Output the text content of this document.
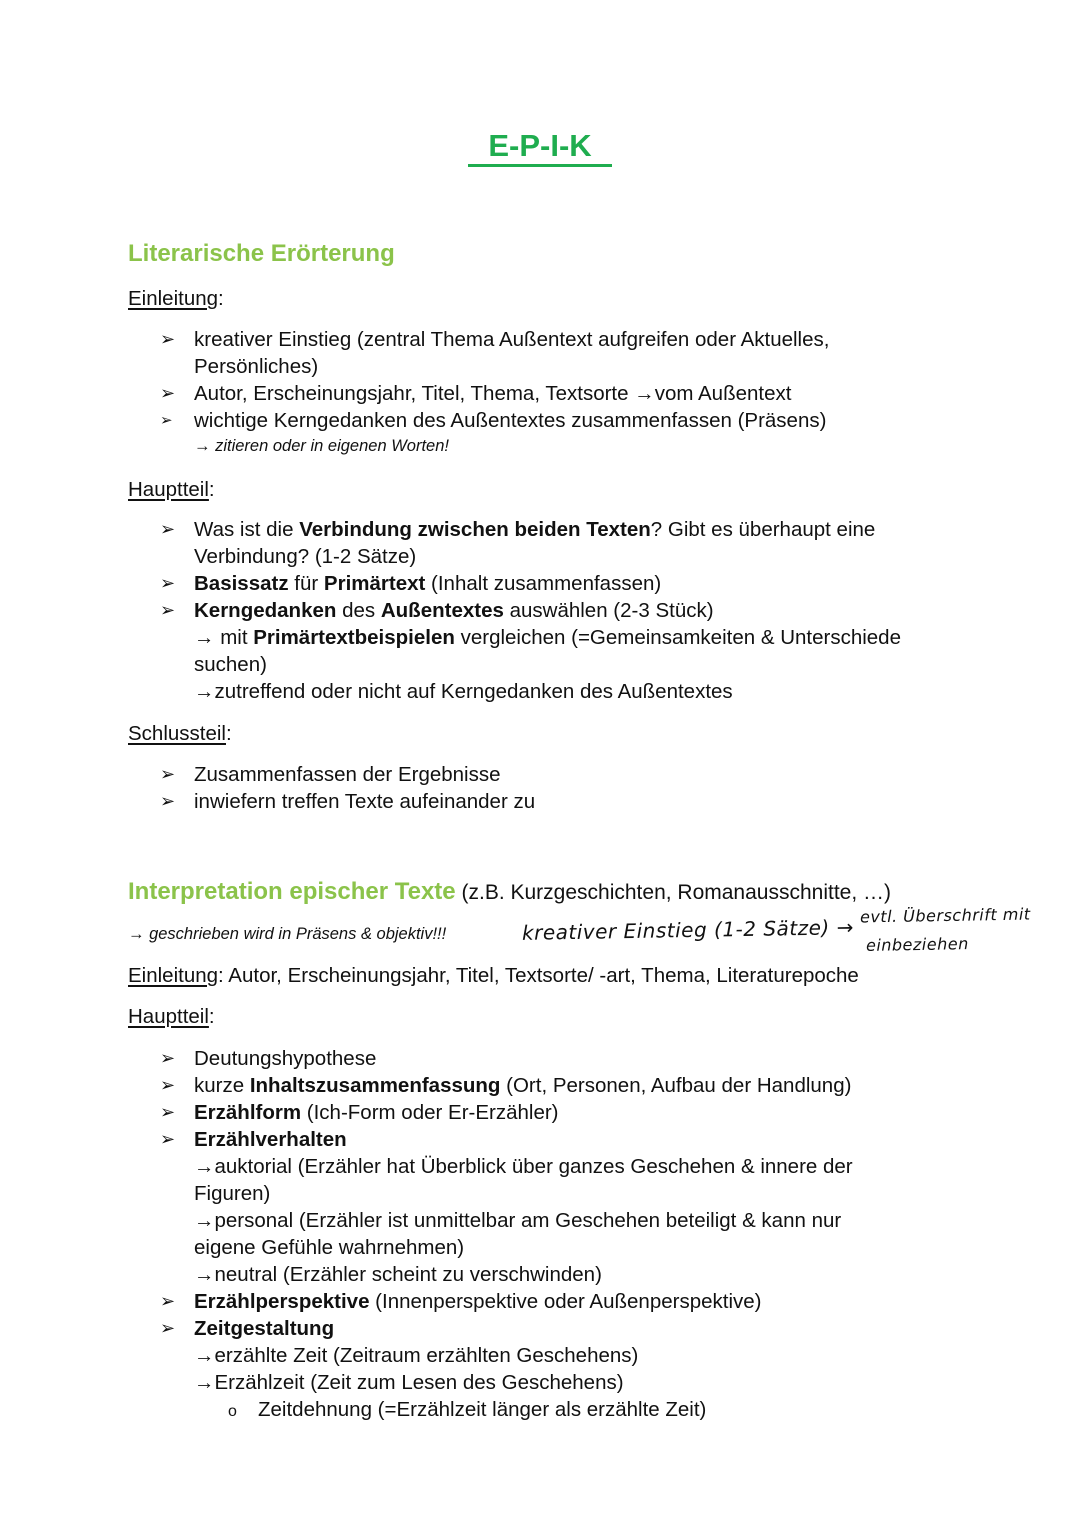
E-P-I-K
Literarische Erörterung
Einleitung:
➢ kreativer Einstieg (zentral Thema Außentext aufgreifen oder Aktuelles,
Persönliches)
➢ Autor, Erscheinungsjahr, Titel, Thema, Textsorte →vom Außentext
➢	wichtige Kerngedanken des Außentextes zusammenfassen (Präsens)
→ zitieren oder in eigenen Worten!
Hauptteil:
➢ Was ist die Verbindung zwischen beiden Texten? Gibt es überhaupt eine
Verbindung? (1-2 Sätze)
➢ Basissatz für Primärtext (Inhalt zusammenfassen)
➢ Kerngedanken des Außentextes auswählen (2-3 Stück)
→ mit Primärtextbeispielen vergleichen (=Gemeinsamkeiten & Unterschiede
suchen)
→zutreffend oder nicht auf Kerngedanken des Außentextes
Schlussteil:
➢ Zusammenfassen der Ergebnisse
➢ inwiefern treffen Texte aufeinander zu
Interpretation epischer Texte (z.B. Kurzgeschichten, Romanausschnitte, …)
→ geschrieben wird in Präsens & objektiv!!!	kreativer Einstieg (1-2 Sätze) → evtl. Überschrift mit
einbeziehen
Einleitung: Autor, Erscheinungsjahr, Titel, Textsorte/ -art, Thema, Literaturepoche
Hauptteil:
➢ Deutungshypothese
➢ kurze Inhaltszusammenfassung (Ort, Personen, Aufbau der Handlung)
➢ Erzählform (Ich-Form oder Er-Erzähler)
➢ Erzählverhalten
→auktorial (Erzähler hat Überblick über ganzes Geschehen & innere der
Figuren)
→personal (Erzähler ist unmittelbar am Geschehen beteiligt & kann nur
eigene Gefühle wahrnehmen)
→neutral (Erzähler scheint zu verschwinden)
➢ Erzählperspektive (Innenperspektive oder Außenperspektive)
➢ Zeitgestaltung
→erzählte Zeit (Zeitraum erzählten Geschehens)
→Erzählzeit (Zeit zum Lesen des Geschehens)
o Zeitdehnung (=Erzählzeit länger als erzählte Zeit)
